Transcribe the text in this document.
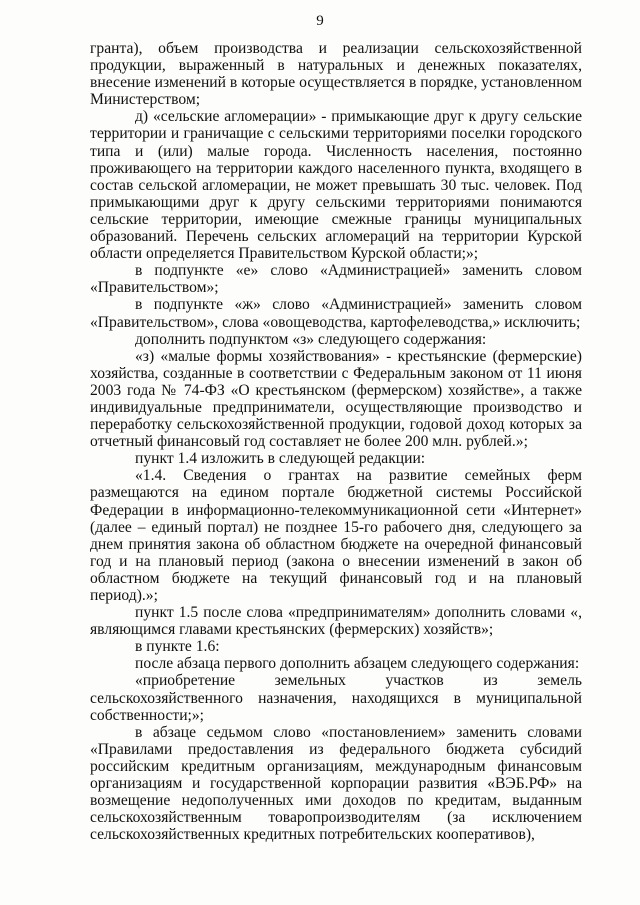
9

гранта), объем производства и реализации сельскохозяйственной продукции, выраженный в натуральных и денежных показателях, внесение изменений в которые осуществляется в порядке, установленном Министерством;

д) «сельские агломерации» - примыкающие друг к другу сельские территории и граничащие с сельскими территориями поселки городского типа и (или) малые города. Численность населения, постоянно проживающего на территории каждого населенного пункта, входящего в состав сельской агломерации, не может превышать 30 тыс. человек. Под примыкающими друг к другу сельскими территориями понимаются сельские территории, имеющие смежные границы муниципальных образований. Перечень сельских агломераций на территории Курской области определяется Правительством Курской области;»;

в подпункте «е» слово «Администрацией» заменить словом «Правительством»;

в подпункте «ж» слово «Администрацией» заменить словом «Правительством», слова «овощеводства, картофелеводства,» исключить;

дополнить подпунктом «з» следующего содержания:

«з) «малые формы хозяйствования» - крестьянские (фермерские) хозяйства, созданные в соответствии с Федеральным законом от 11 июня 2003 года № 74-ФЗ «О крестьянском (фермерском) хозяйстве», а также индивидуальные предприниматели, осуществляющие производство и переработку сельскохозяйственной продукции, годовой доход которых за отчетный финансовый год составляет не более 200 млн. рублей.»;

пункт 1.4 изложить в следующей редакции:

«1.4. Сведения о грантах на развитие семейных ферм размещаются на едином портале бюджетной системы Российской Федерации в информационно-телекоммуникационной сети «Интернет» (далее – единый портал) не позднее 15-го рабочего дня, следующего за днем принятия закона об областном бюджете на очередной финансовый год и на плановый период (закона о внесении изменений в закон об областном бюджете на текущий финансовый год и на плановый период).»;

пункт 1.5 после слова «предпринимателям» дополнить словами «, являющимся главами крестьянских (фермерских) хозяйств»;

в пункте 1.6:

после абзаца первого дополнить абзацем следующего содержания:

«приобретение земельных участков из земель сельскохозяйственного назначения, находящихся в муниципальной собственности;»;

в абзаце седьмом слово «постановлением» заменить словами «Правилами предоставления из федерального бюджета субсидий российским кредитным организациям, международным финансовым организациям и государственной корпорации развития «ВЭБ.РФ» на возмещение недополученных ими доходов по кредитам, выданным сельскохозяйственным товаропроизводителям (за исключением сельскохозяйственных кредитных потребительских кооперативов),
